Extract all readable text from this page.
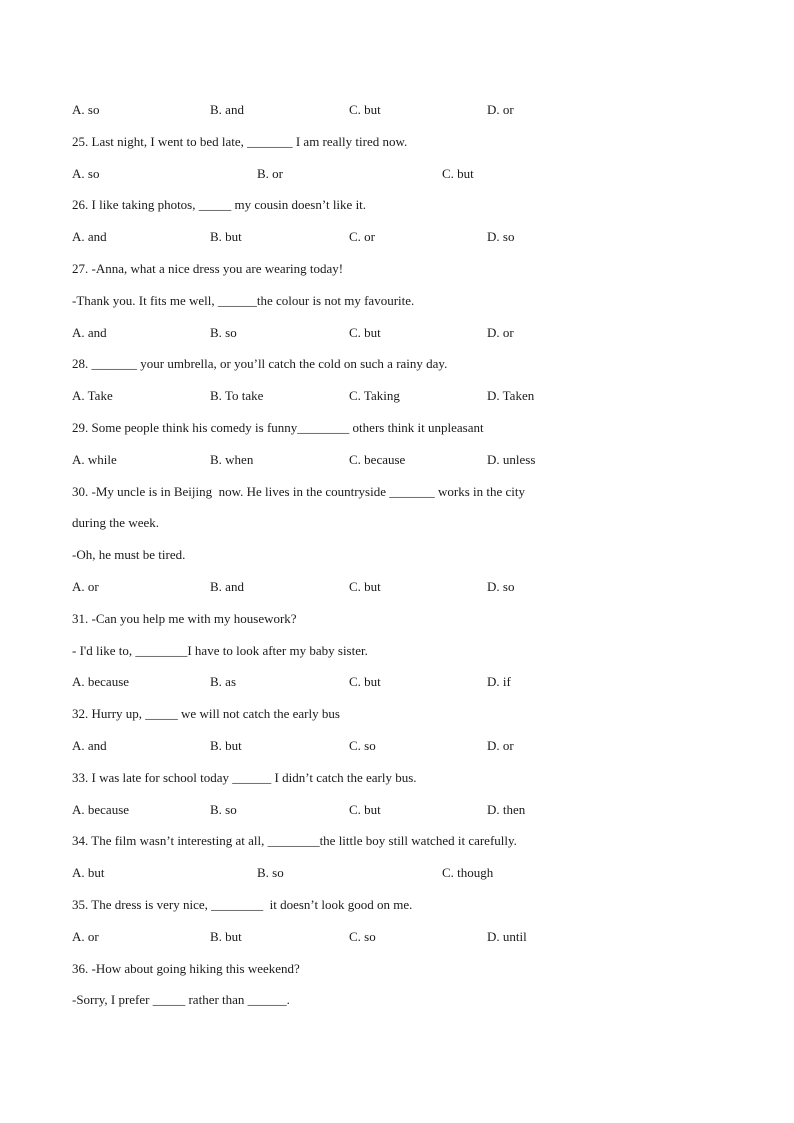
A. so	B. and	C. but	D. or
25. Last night, I went to bed late, _______ I am really tired now.
A. so	B. or	C. but
26. I like taking photos, _____ my cousin doesn’t like it.
A. and	B. but	C. or	D. so
27. -Anna, what a nice dress you are wearing today!
-Thank you. It fits me well, ______the colour is not my favourite.
A. and	B. so	C. but	D. or
28. _______ your umbrella, or you’ll catch the cold on such a rainy day.
A. Take	B. To take	C. Taking	D. Taken
29. Some people think his comedy is funny________ others think it unpleasant
A. while	B. when	C. because	D. unless
30. -My uncle is in Beijing  now. He lives in the countryside _______ works in the city
during the week.
-Oh, he must be tired.
A. or	B. and	C. but	D. so
31. -Can you help me with my housework?
- I'd like to, ________I have to look after my baby sister.
A. because	B. as	C. but	D. if
32. Hurry up, _____ we will not catch the early bus
A. and	B. but	C. so	D. or
33. I was late for school today ______ I didn’t catch the early bus.
A. because	B. so	C. but	D. then
34. The film wasn’t interesting at all, ________the little boy still watched it carefully.
A. but	B. so	C. though
35. The dress is very nice, ________  it doesn’t look good on me.
A. or	B. but	C. so	D. until
36. -How about going hiking this weekend?
-Sorry, I prefer _____ rather than ______.
